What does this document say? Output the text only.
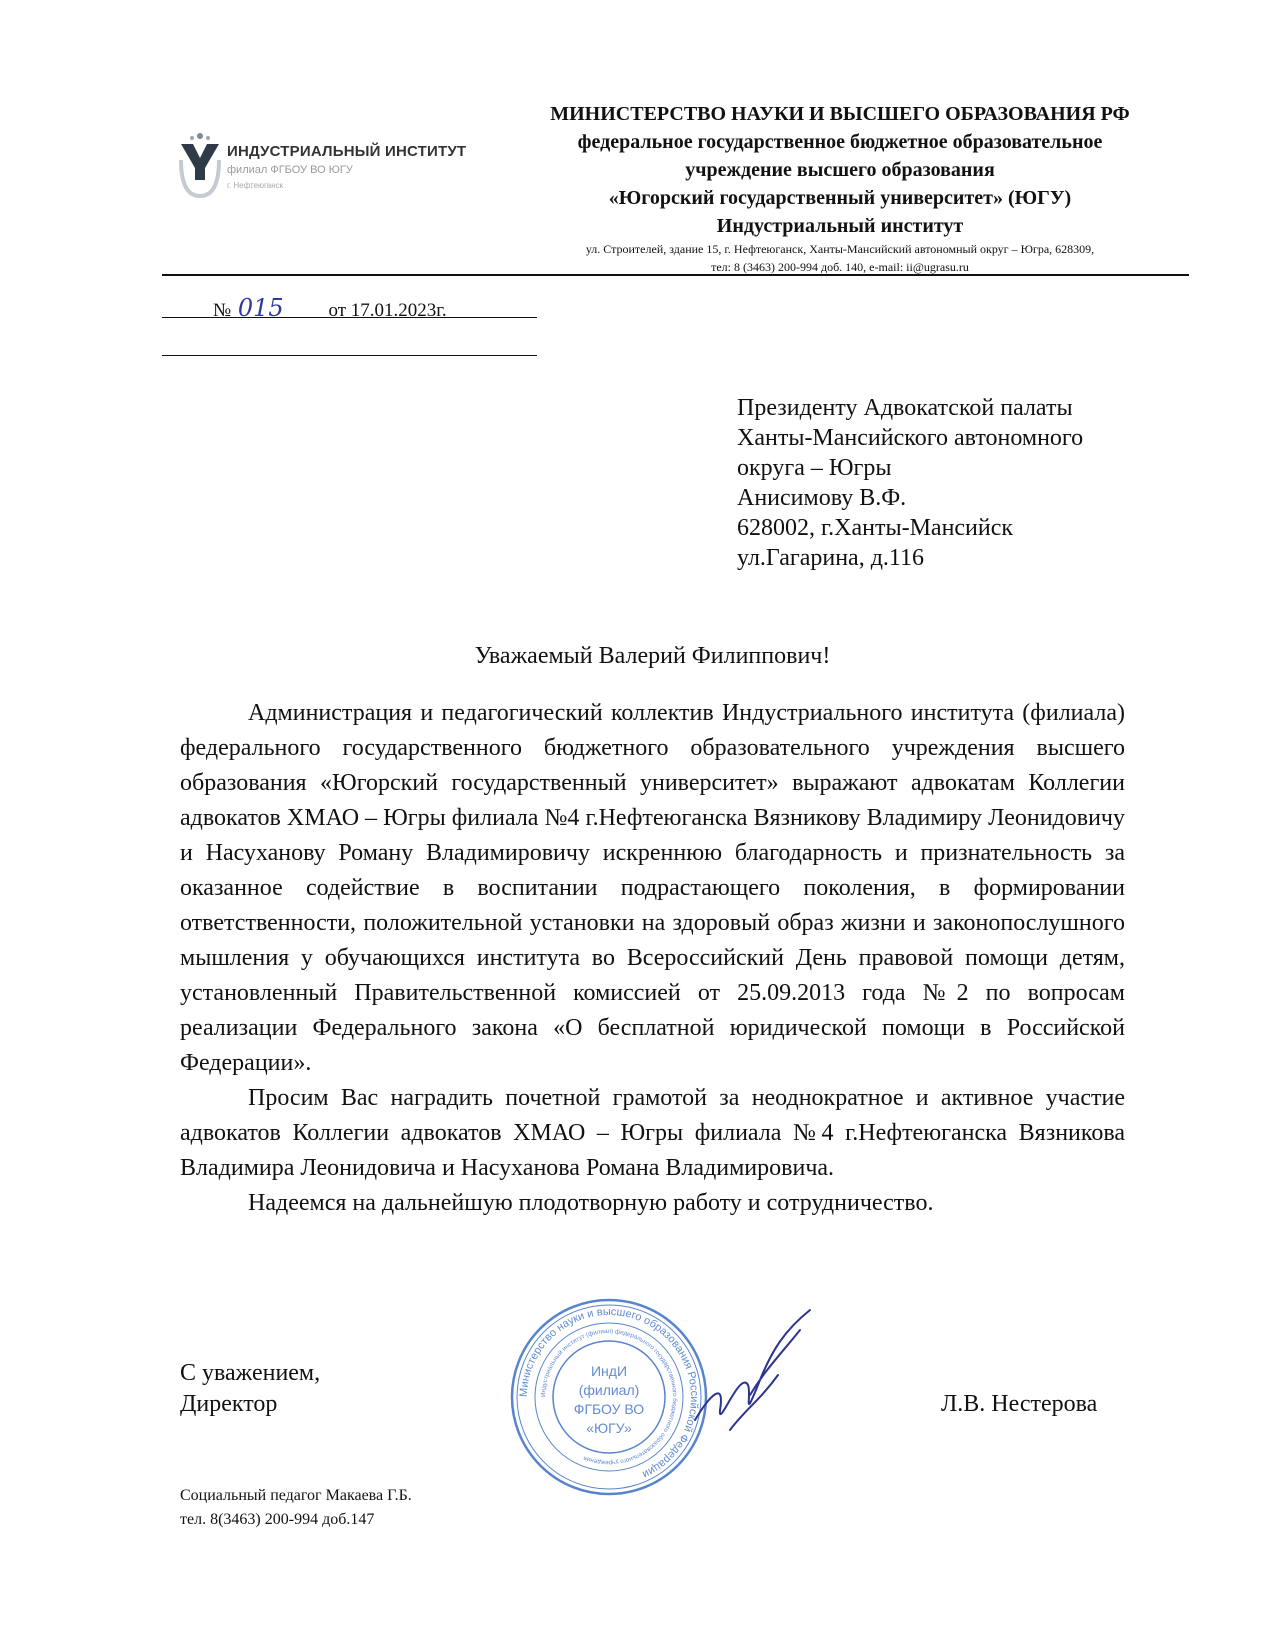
ИНДУСТРИАЛЬНЫЙ ИНСТИТУТ
филиал ФГБОУ ВО ЮГУ
г. Нефтеюганск
МИНИСТЕРСТВО НАУКИ И ВЫСШЕГО ОБРАЗОВАНИЯ РФ
федеральное государственное бюджетное образовательное
учреждение высшего образования
«Югорский государственный университет» (ЮГУ)
Индустриальный институт
ул. Строителей, здание 15, г. Нефтеюганск, Ханты-Мансийский автономный округ – Югра, 628309,
тел: 8 (3463) 200-994 доб. 140, e-mail: ii@ugrasu.ru
№ 015 от 17.01.2023г.
Президенту Адвокатской палаты
Ханты-Мансийского автономного
округа – Югры
Анисимову В.Ф.
628002, г.Ханты-Мансийск
ул.Гагарина, д.116
Уважаемый Валерий Филиппович!

Администрация и педагогический коллектив Индустриального института (филиала) федерального государственного бюджетного образовательного учреждения высшего образования «Югорский государственный университет» выражают адвокатам Коллегии адвокатов ХМАО – Югры филиала №4 г.Нефтеюганска Вязникову Владимиру Леонидовичу и Насуханову Роману Владимировичу искреннюю благодарность и признательность за оказанное содействие в воспитании подрастающего поколения, в формировании ответственности, положительной установки на здоровый образ жизни и законопослушного мышления у обучающихся института во Всероссийский День правовой помощи детям, установленный Правительственной комиссией от 25.09.2013 года №2 по вопросам реализации Федерального закона «О бесплатной юридической помощи в Российской Федерации».

Просим Вас наградить почетной грамотой за неоднократное и активное участие адвокатов Коллегии адвокатов ХМАО – Югры филиала №4 г.Нефтеюганска Вязникова Владимира Леонидовича и Насуханова Романа Владимировича.

Надеемся на дальнейшую плодотворную работу и сотрудничество.

С уважением,
Директор	Л.В. Нестерова
Министерство науки и высшего образования Российской Федерации
Индустриальный институт (филиал) федерального государственного бюджетного образовательного учреждения
ИндИ
(филиал)
ФГБОУ ВО
«ЮГУ»
Социальный педагог Макаева Г.Б.
тел. 8(3463) 200-994 доб.147
